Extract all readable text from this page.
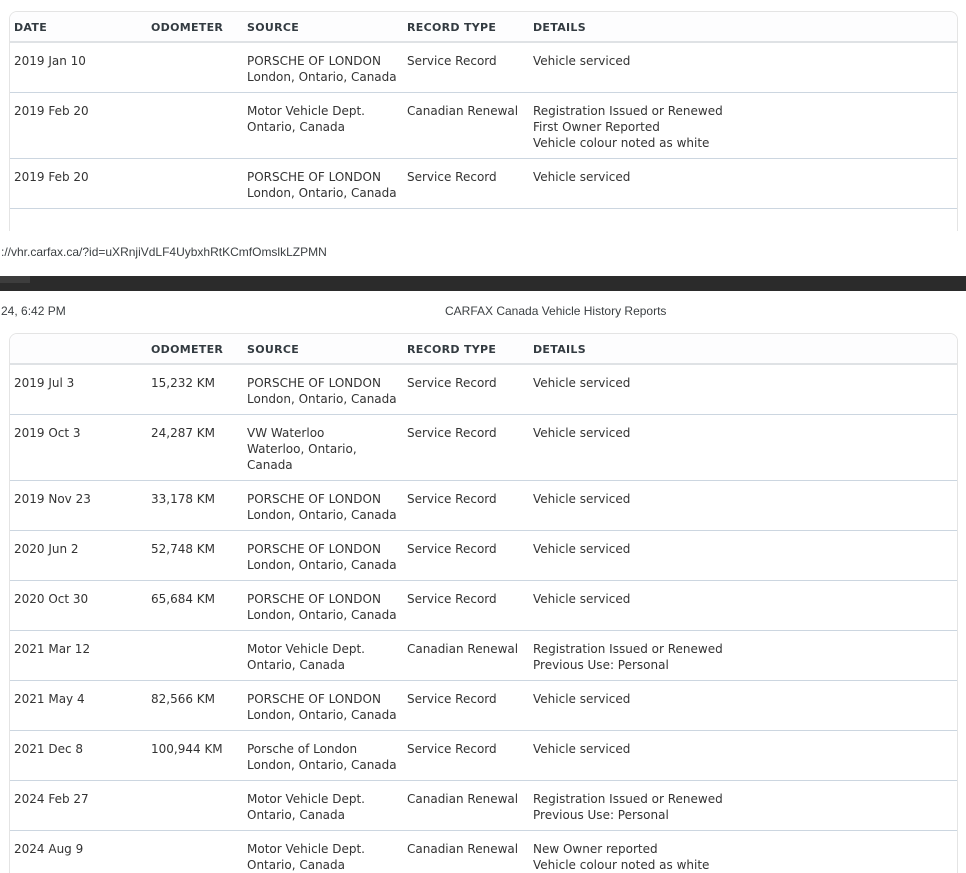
DATE	ODOMETER	SOURCE	RECORD TYPE	DETAILS
2019 Jan 10		PORSCHE OF LONDON
London, Ontario, Canada	Service Record	Vehicle serviced

2019 Feb 20		Motor Vehicle Dept.
Ontario, Canada
	Canadian Renewal	Registration Issued or Renewed
First Owner Reported
Vehicle colour noted as white

2019 Feb 20		PORSCHE OF LONDON
London, Ontario, Canada	Service Record	Vehicle serviced

://vhr.carfax.ca/?id=uXRnjiVdLF4UybxhRtKCmfOmslkLZPMN
24, 6:42 PM	CARFAX Canada Vehicle History Reports
	ODOMETER	SOURCE	RECORD TYPE	DETAILS
2019 Jul 3	15,232 KM	PORSCHE OF LONDON
London, Ontario, Canada	Service Record	Vehicle serviced

2019 Oct 3	24,287 KM	VW Waterloo
Waterloo, Ontario, Canada	Service Record	Vehicle serviced

2019 Nov 23	33,178 KM	PORSCHE OF LONDON
London, Ontario, Canada	Service Record	Vehicle serviced

2020 Jun 2	52,748 KM	PORSCHE OF LONDON
London, Ontario, Canada	Service Record	Vehicle serviced

2020 Oct 30	65,684 KM	PORSCHE OF LONDON
London, Ontario, Canada	Service Record	Vehicle serviced

2021 Mar 12		Motor Vehicle Dept.
Ontario, Canada
	Canadian Renewal	Registration Issued or Renewed
Previous Use: Personal

2021 May 4	82,566 KM	PORSCHE OF LONDON
London, Ontario, Canada	Service Record	Vehicle serviced

2021 Dec 8	100,944 KM	Porsche of London
London, Ontario, Canada	Service Record	Vehicle serviced

2024 Feb 27		Motor Vehicle Dept.
Ontario, Canada
	Canadian Renewal	Registration Issued or Renewed
Previous Use: Personal

2024 Aug 9		Motor Vehicle Dept.
Ontario, Canada
	Canadian Renewal	New Owner reported
Vehicle colour noted as white
